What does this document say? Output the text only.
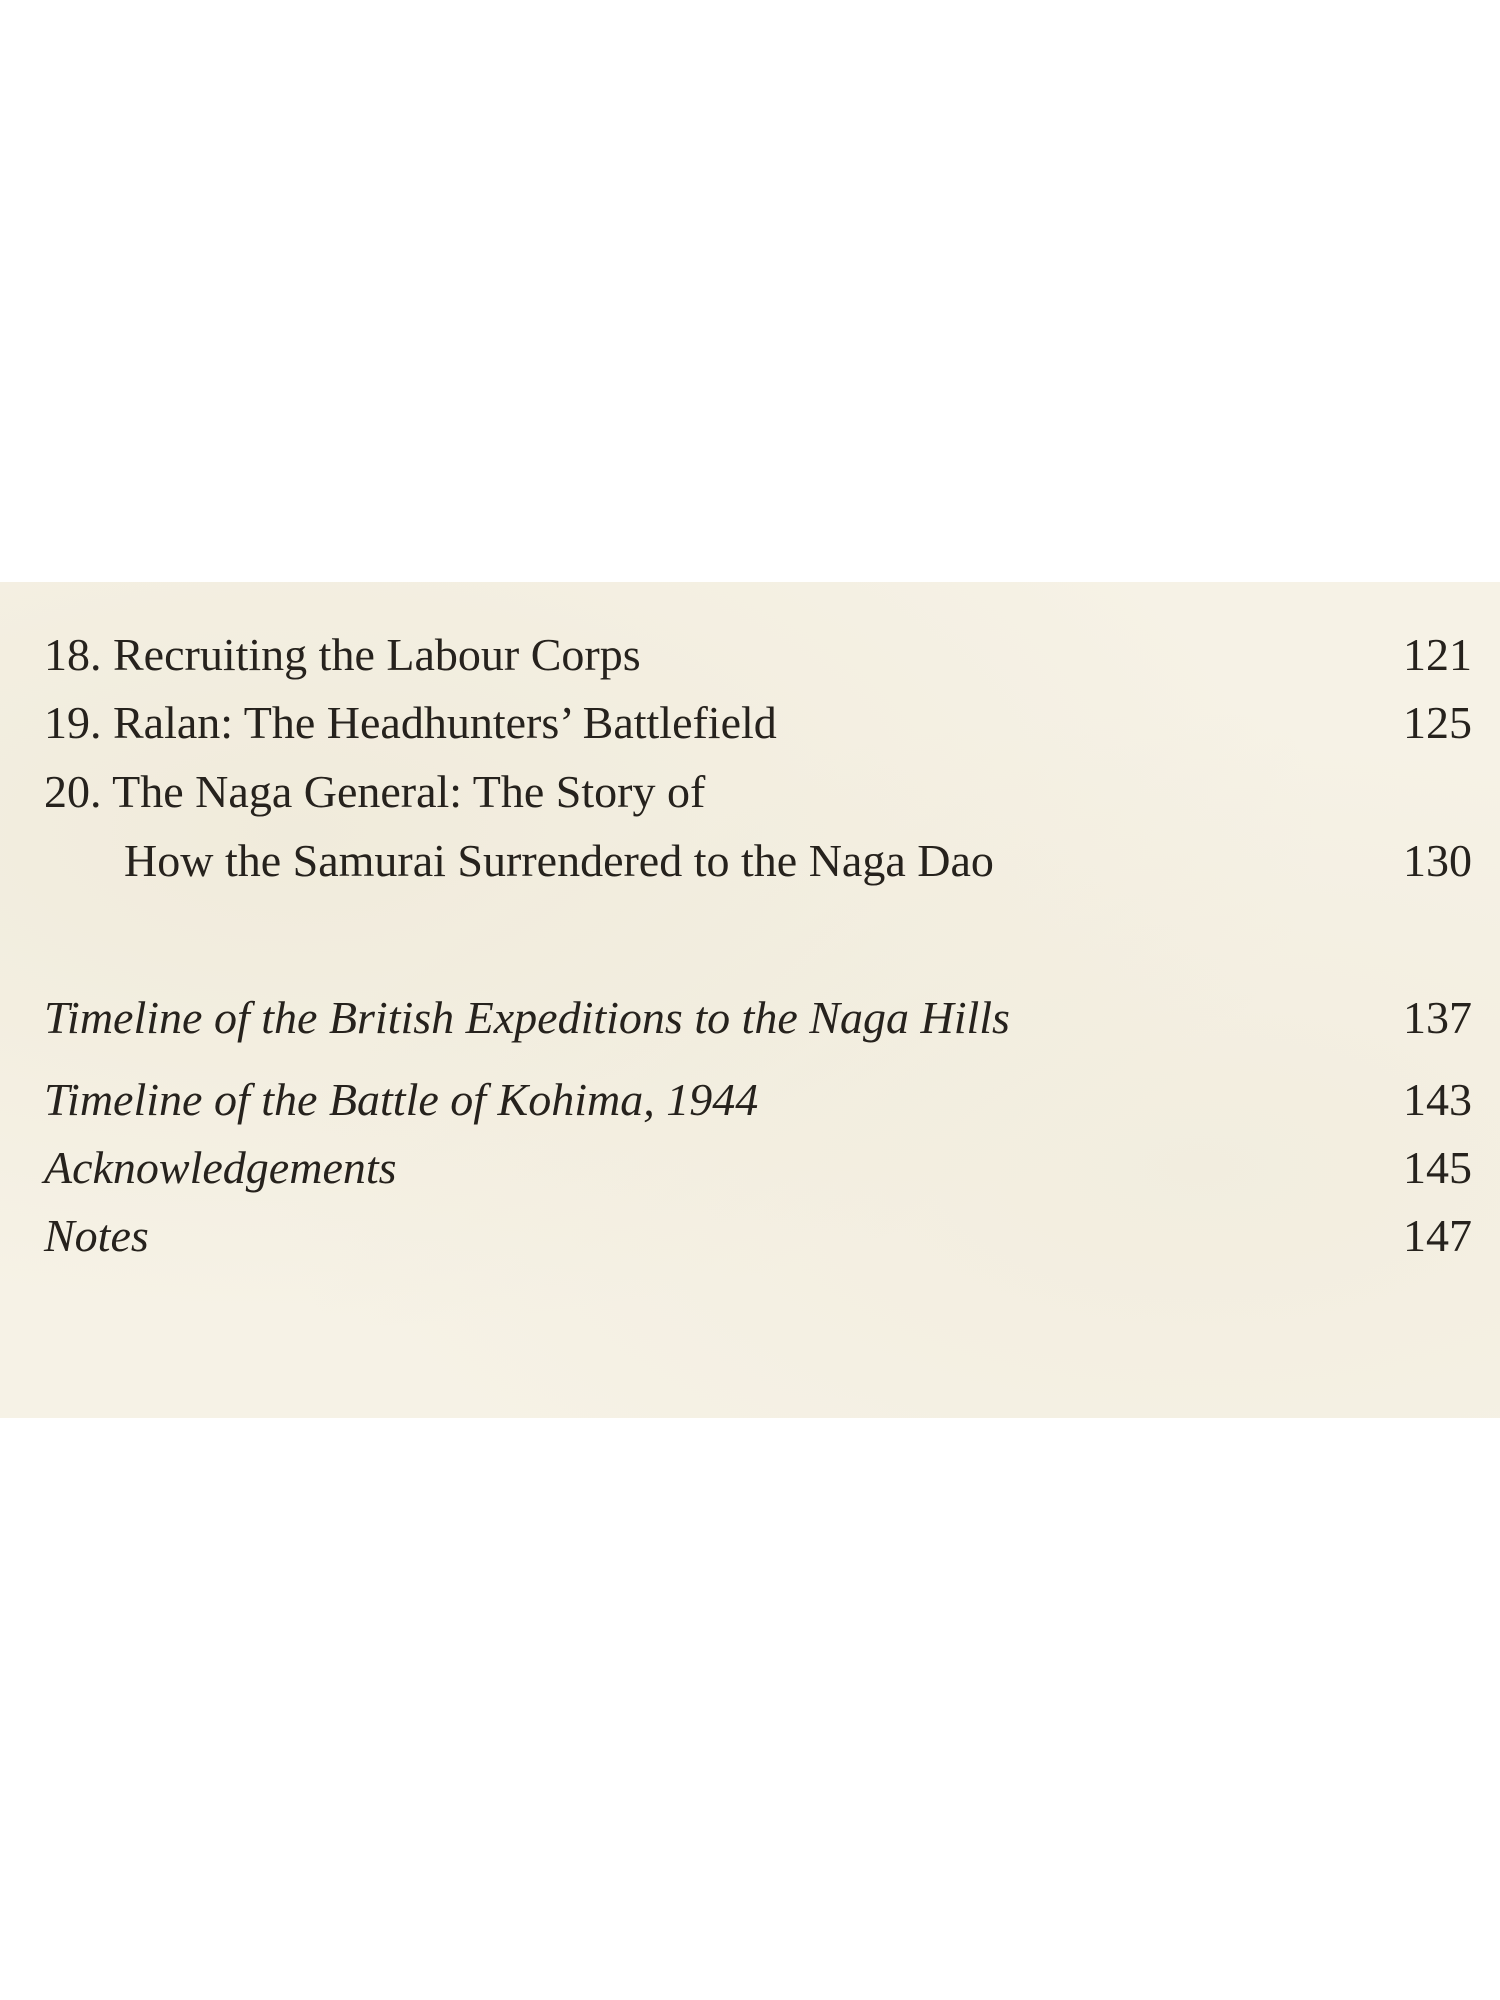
18. Recruiting the Labour Corps	121
19. Ralan: The Headhunters’ Battlefield	125
20. The Naga General: The Story of
How the Samurai Surrendered to the Naga Dao	130
Timeline of the British Expeditions to the Naga Hills	137
Timeline of the Battle of Kohima, 1944	143
Acknowledgements	145
Notes	147
